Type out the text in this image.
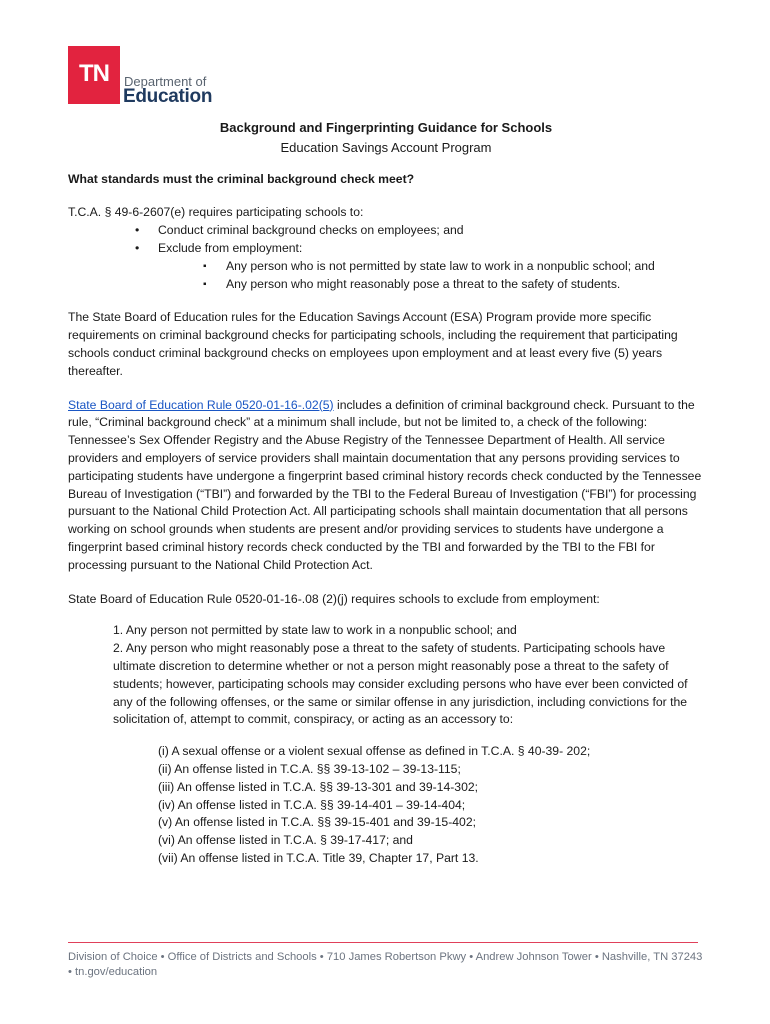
TN	Department of
Education

Background and Fingerprinting Guidance for Schools

Education Savings Account Program

What standards must the criminal background check meet?

T.C.A. § 49-6-2607(e) requires participating schools to:

• Conduct criminal background checks on employees; and
• Exclude from employment:
▪ Any person who is not permitted by state law to work in a nonpublic school; and
▪ Any person who might reasonably pose a threat to the safety of students.

The State Board of Education rules for the Education Savings Account (ESA) Program provide more specific requirements on criminal background checks for participating schools, including the requirement that participating schools conduct criminal background checks on employees upon employment and at least every five (5) years thereafter.

State Board of Education Rule 0520-01-16-.02(5) includes a definition of criminal background check. Pursuant to the rule, “Criminal background check” at a minimum shall include, but not be limited to, a check of the following: Tennessee’s Sex Offender Registry and the Abuse Registry of the Tennessee Department of Health. All service providers and employers of service providers shall maintain documentation that any persons providing services to participating students have undergone a fingerprint based criminal history records check conducted by the Tennessee Bureau of Investigation (“TBI”) and forwarded by the TBI to the Federal Bureau of Investigation (“FBI”) for processing pursuant to the National Child Protection Act. All participating schools shall maintain documentation that all persons working on school grounds when students are present and/or providing services to students have undergone a fingerprint based criminal history records check conducted by the TBI and forwarded by the TBI to the FBI for processing pursuant to the National Child Protection Act.

State Board of Education Rule 0520-01-16-.08 (2)(j) requires schools to exclude from employment:

1. Any person not permitted by state law to work in a nonpublic school; and

2. Any person who might reasonably pose a threat to the safety of students. Participating schools have ultimate discretion to determine whether or not a person might reasonably pose a threat to the safety of students; however, participating schools may consider excluding persons who have ever been convicted of any of the following offenses, or the same or similar offense in any jurisdiction, including convictions for the solicitation of, attempt to commit, conspiracy, or acting as an accessory to:

(i) A sexual offense or a violent sexual offense as defined in T.C.A. § 40-39- 202;

(ii) An offense listed in T.C.A. §§ 39-13-102 – 39-13-115;

(iii) An offense listed in T.C.A. §§ 39-13-301 and 39-14-302;

(iv) An offense listed in T.C.A. §§ 39-14-401 – 39-14-404;

(v) An offense listed in T.C.A. §§ 39-15-401 and 39-15-402;

(vi) An offense listed in T.C.A. § 39-17-417; and

(vii) An offense listed in T.C.A. Title 39, Chapter 17, Part 13.

Division of Choice • Office of Districts and Schools • 710 James Robertson Pkwy • Andrew Johnson Tower • Nashville, TN 37243 • tn.gov/education
